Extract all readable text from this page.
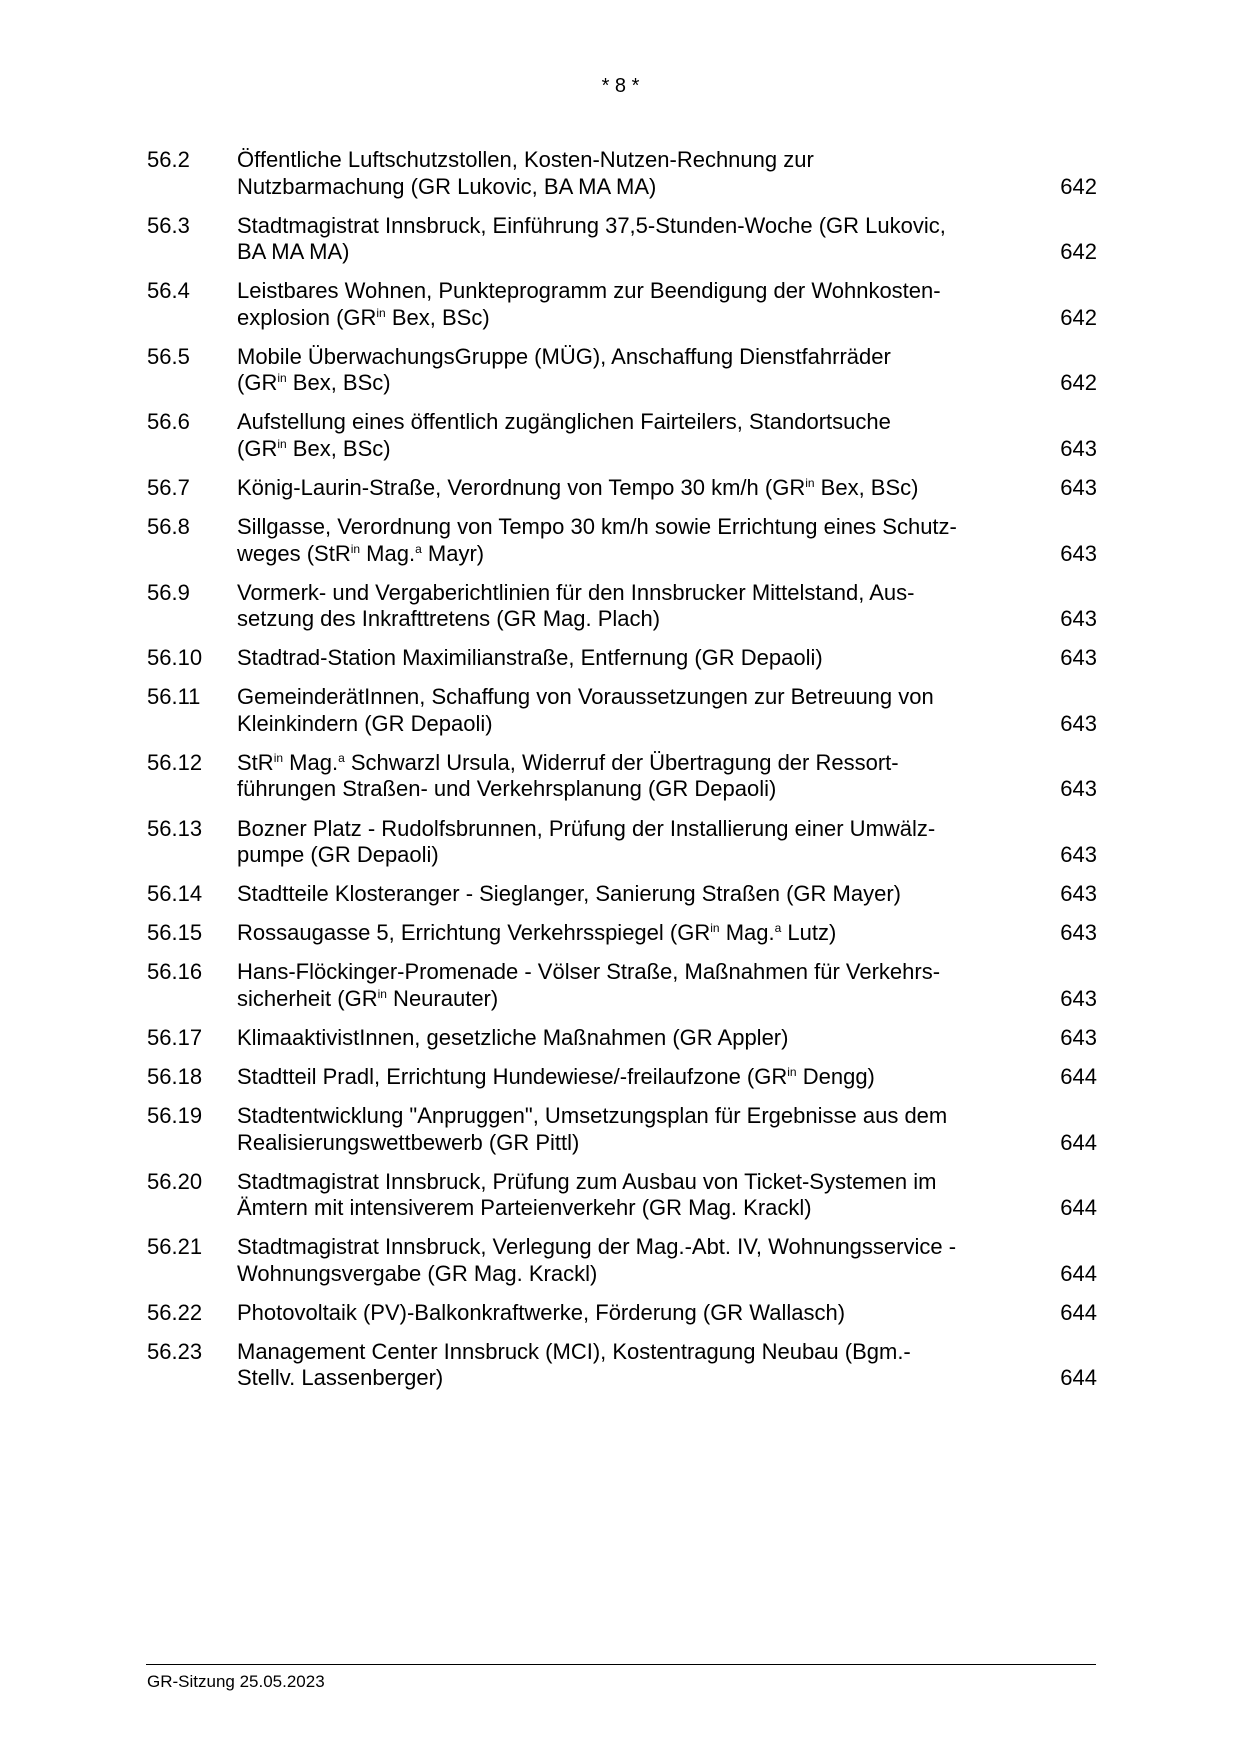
* 8 *
56.2 Öffentliche Luftschutzstollen, Kosten-Nutzen-Rechnung zur
Nutzbarmachung (GR Lukovic, BA MA MA)	642
56.3 Stadtmagistrat Innsbruck, Einführung 37,5-Stunden-Woche (GR Lukovic,
BA MA MA)	642
56.4 Leistbares Wohnen, Punkteprogramm zur Beendigung der Wohnkosten-
explosion ($GR^{in}$ Bex, BSc)	642
56.5 Mobile ÜberwachungsGruppe (MÜG), Anschaffung Dienstfahrräder
($GR^{in}$ Bex, BSc)	642
56.6 Aufstellung eines öffentlich zugänglichen Fairteilers, Standortsuche
($GR^{in}$ Bex, BSc)	643
56.7 König-Laurin-Straße, Verordnung von Tempo 30 km/h ($GR^{in}$ Bex, BSc)	643
56.8 Sillgasse, Verordnung von Tempo 30 km/h sowie Errichtung eines Schutz-
weges (StR$^{in}$ Mag.$^a$ Mayr)	643
56.9 Vormerk- und Vergaberichtlinien für den Innsbrucker Mittelstand, Aus-
setzung des Inkrafttretens (GR Mag. Plach)	643
56.10 Stadtrad-Station Maximilianstraße, Entfernung (GR Depaoli)	643
56.11 GemeinderätInnen, Schaffung von Voraussetzungen zur Betreuung von
Kleinkindern (GR Depaoli)	643
56.12 StR$^{in}$ Mag.$^a$ Schwarzl Ursula, Widerruf der Übertragung der Ressort-
führungen Straßen- und Verkehrsplanung (GR Depaoli)	643
56.13 Bozner Platz - Rudolfsbrunnen, Prüfung der Installierung einer Umwälz-
pumpe (GR Depaoli)	643
56.14 Stadtteile Klosteranger - Sieglanger, Sanierung Straßen (GR Mayer)	643
56.15 Rossaugasse 5, Errichtung Verkehrsspiegel ($GR^{in}$ Mag.$^a$ Lutz)	643
56.16 Hans-Flöckinger-Promenade - Völser Straße, Maßnahmen für Verkehrs-
sicherheit ($GR^{in}$ Neurauter)	643
56.17 KlimaaktivistInnen, gesetzliche Maßnahmen (GR Appler)	643
56.18 Stadtteil Pradl, Errichtung Hundewiese/-freilaufzone ($GR^{in}$ Dengg)	644
56.19 Stadtentwicklung "Anpruggen", Umsetzungsplan für Ergebnisse aus dem
Realisierungswettbewerb (GR Pittl)	644
56.20 Stadtmagistrat Innsbruck, Prüfung zum Ausbau von Ticket-Systemen im
Ämtern mit intensiverem Parteienverkehr (GR Mag. Krackl)	644
56.21 Stadtmagistrat Innsbruck, Verlegung der Mag.-Abt. IV, Wohnungsservice -
Wohnungsvergabe (GR Mag. Krackl)	644
56.22 Photovoltaik (PV)-Balkonkraftwerke, Förderung (GR Wallasch)	644
56.23 Management Center Innsbruck (MCI), Kostentragung Neubau (Bgm.-
Stellv. Lassenberger)	644
GR-Sitzung 25.05.2023
